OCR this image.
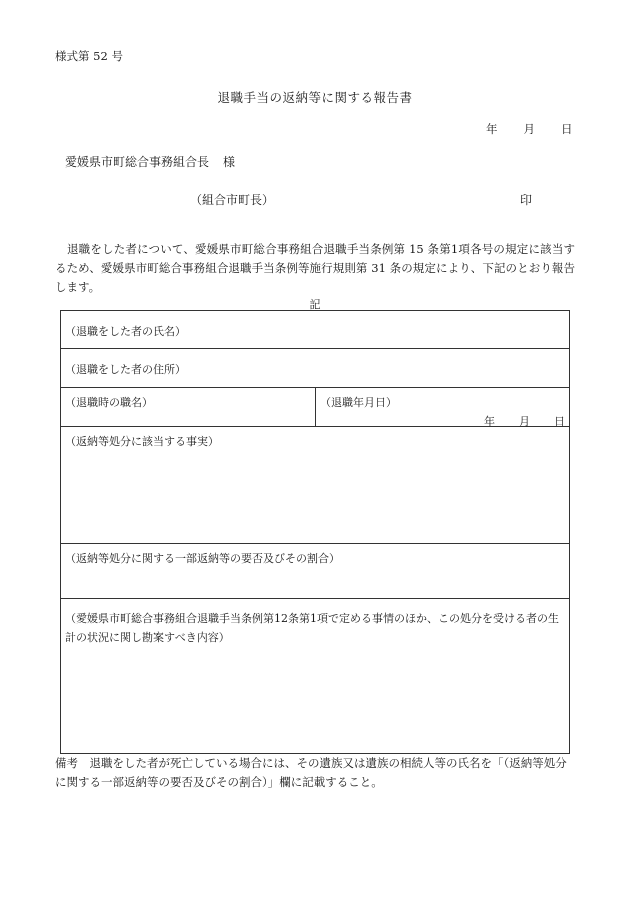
様式第 52 号
退職手当の返納等に関する報告書
年 月 日
愛媛県市町総合事務組合長 様
（組合市町長）	印
退職をした者について、愛媛県市町総合事務組合退職手当条例第 15 条第1項各号の規定に該当するため、愛媛県市町総合事務組合退職手当条例等施行規則第 31 条の規定により、下記のとおり報告します。
記
（退職をした者の氏名）
（退職をした者の住所）
（退職時の職名）	（退職年月日）
年 月 日
（返納等処分に該当する事実）
（返納等処分に関する一部返納等の要否及びその割合）
（愛媛県市町総合事務組合退職手当条例第12条第1項で定める事情のほか、この処分を受ける者の生計の状況に関し勘案すべき内容）
備考　退職をした者が死亡している場合には、その遺族又は遺族の相続人等の氏名を「（返納等処分に関する一部返納等の要否及びその割合）」欄に記載すること。
